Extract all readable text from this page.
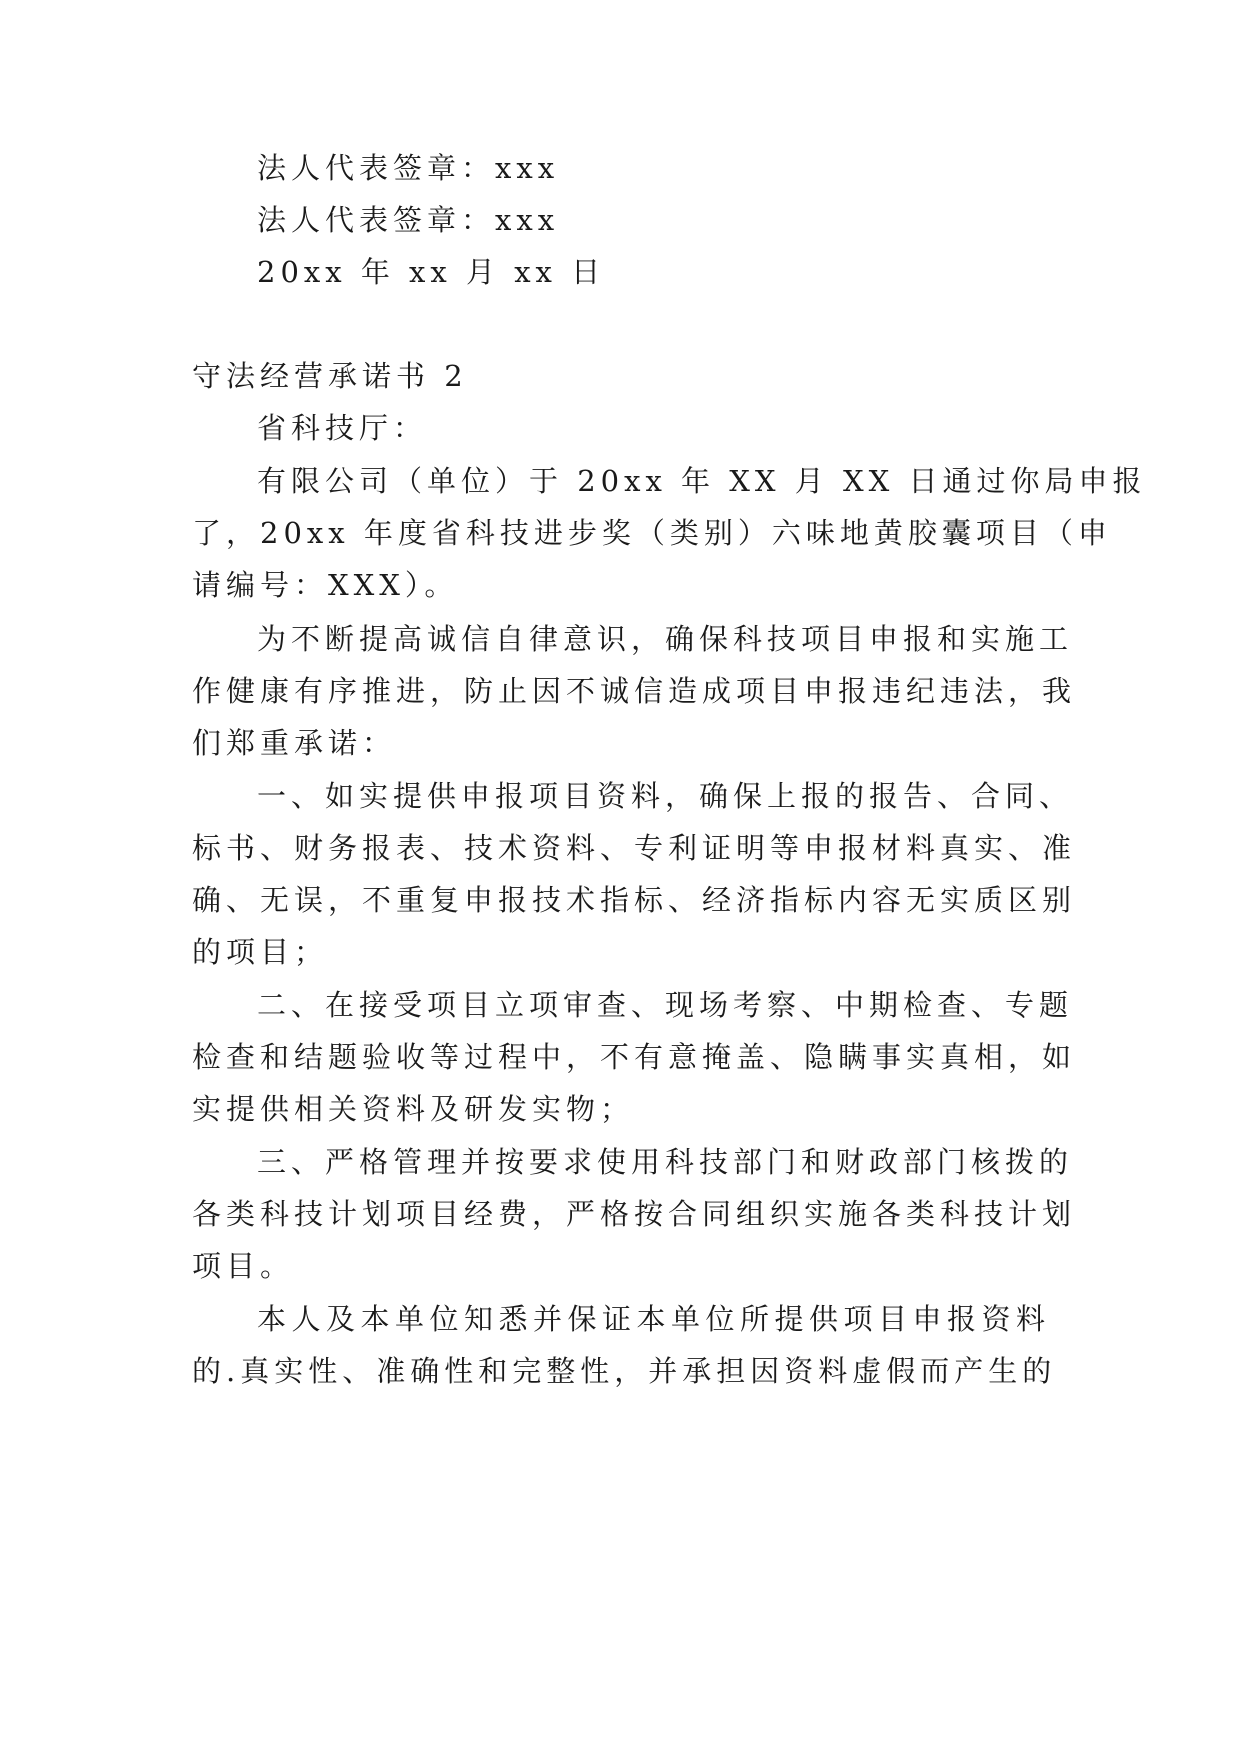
法人代表签章：xxx
法人代表签章：xxx
20xx 年 xx 月 xx 日
守法经营承诺书 2
省科技厅：
有限公司（单位）于 20xx 年 XX 月 XX 日通过你局申报
了，20xx 年度省科技进步奖（类别）六味地黄胶囊项目（申
请编号：XXX）。
为不断提高诚信自律意识，确保科技项目申报和实施工
作健康有序推进，防止因不诚信造成项目申报违纪违法，我
们郑重承诺：
一、如实提供申报项目资料，确保上报的报告、合同、
标书、财务报表、技术资料、专利证明等申报材料真实、准
确、无误，不重复申报技术指标、经济指标内容无实质区别
的项目；
二、在接受项目立项审查、现场考察、中期检查、专题
检查和结题验收等过程中，不有意掩盖、隐瞒事实真相，如
实提供相关资料及研发实物；
三、严格管理并按要求使用科技部门和财政部门核拨的
各类科技计划项目经费，严格按合同组织实施各类科技计划
项目。
本人及本单位知悉并保证本单位所提供项目申报资料
的.真实性、准确性和完整性，并承担因资料虚假而产生的
